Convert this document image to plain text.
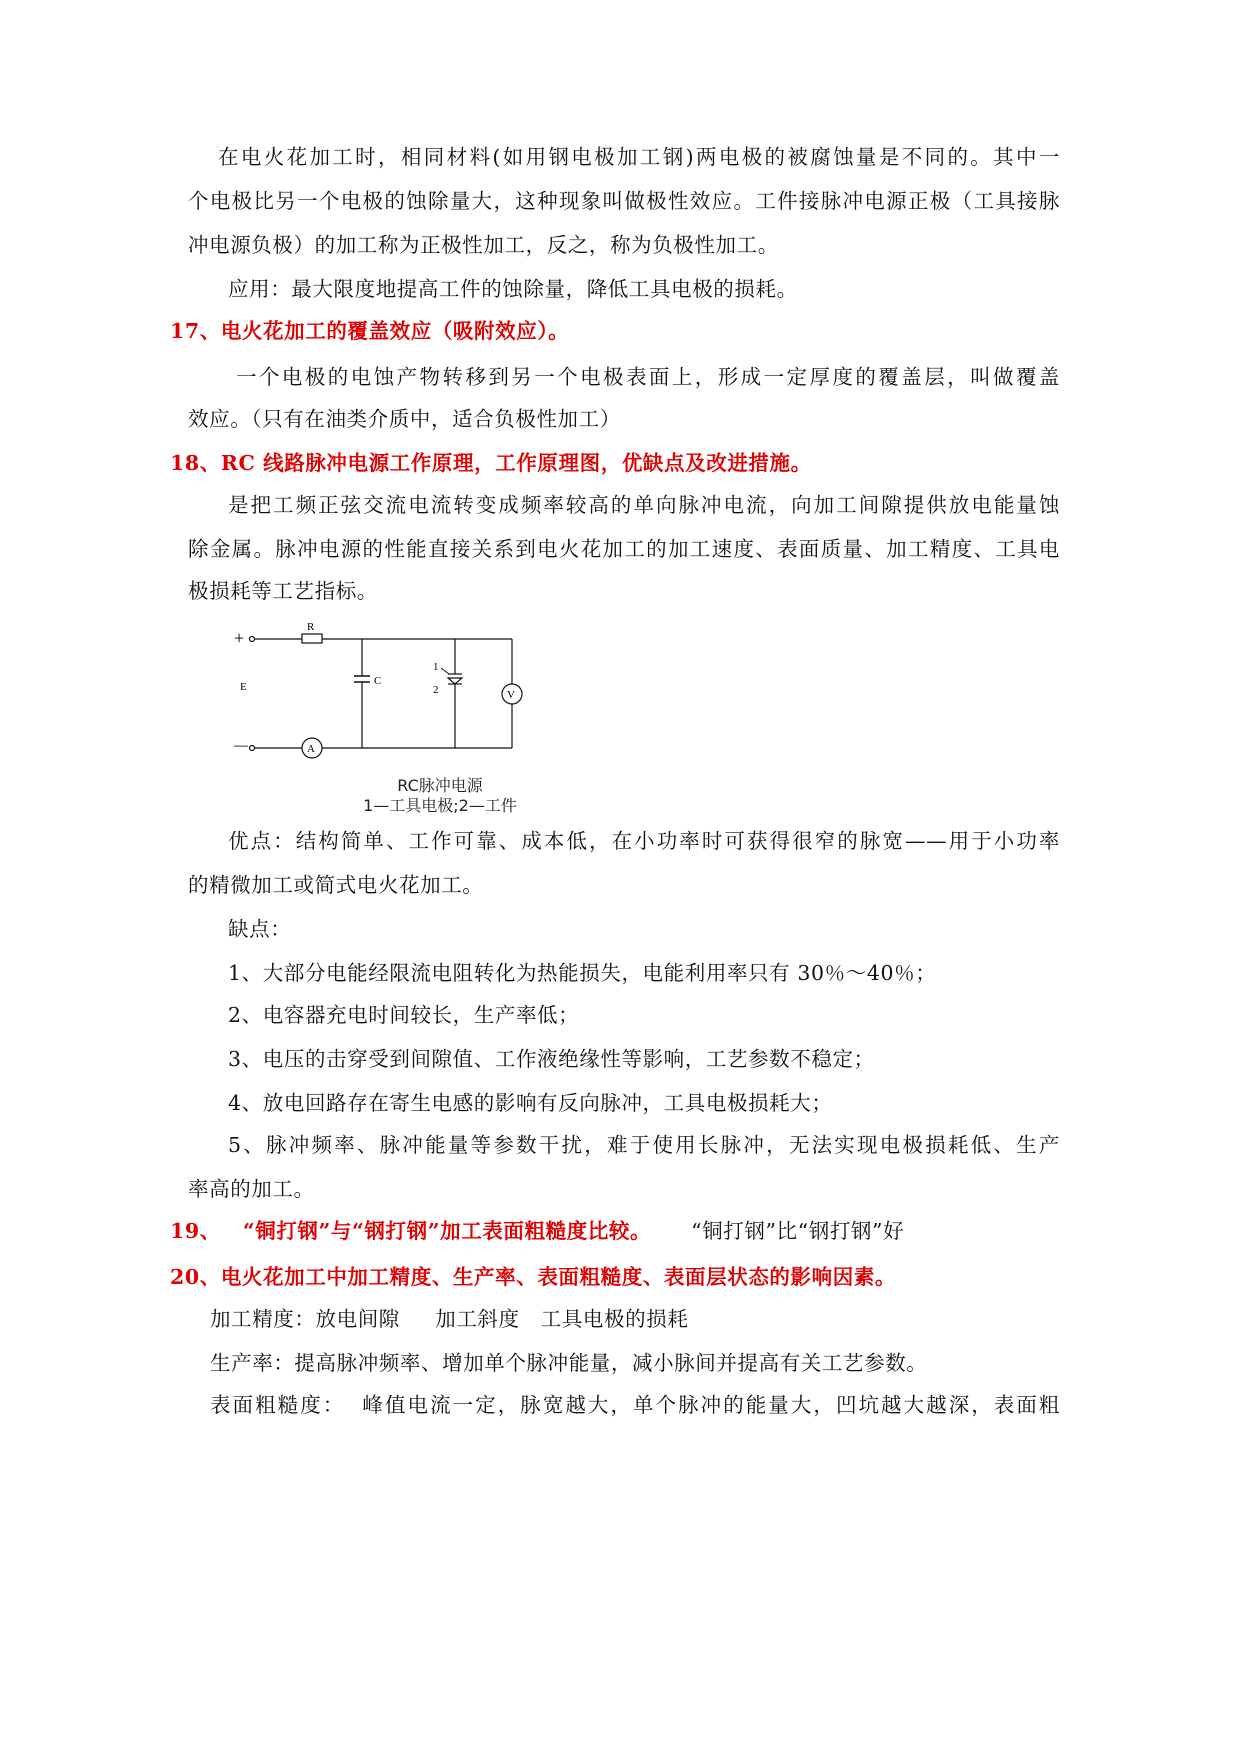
在电火花加工时，相同材料(如用钢电极加工钢)两电极的被腐蚀量是不同的。其中一
个电极比另一个电极的蚀除量大，这种现象叫做极性效应。工件接脉冲电源正极（工具接脉
冲电源负极）的加工称为正极性加工，反之，称为负极性加工。
应用：最大限度地提高工件的蚀除量，降低工具电极的损耗。
17、电火花加工的覆盖效应（吸附效应）。
一个电极的电蚀产物转移到另一个电极表面上，形成一定厚度的覆盖层，叫做覆盖
效应。（只有在油类介质中，适合负极性加工）
18、RC 线路脉冲电源工作原理，工作原理图，优缺点及改进措施。
是把工频正弦交流电流转变成频率较高的单向脉冲电流，向加工间隙提供放电能量蚀
除金属。脉冲电源的性能直接关系到电火花加工的加工速度、表面质量、加工精度、工具电
极损耗等工艺指标。
+
R
C
1
2	V
E
－	A
RC脉冲电源
1—工具电极;2—工件
优点：结构简单、工作可靠、成本低，在小功率时可获得很窄的脉宽——用于小功率
的精微加工或简式电火花加工。
缺点：
1、大部分电能经限流电阻转化为热能损失，电能利用率只有 30％～40％；
2、电容器充电时间较长，生产率低；
3、电压的击穿受到间隙值、工作液绝缘性等影响，工艺参数不稳定；
4、放电回路存在寄生电感的影响有反向脉冲，工具电极损耗大；
5、脉冲频率、脉冲能量等参数干扰，难于使用长脉冲，无法实现电极损耗低、生产
率高的加工。
19、 “铜打钢”与“钢打钢”加工表面粗糙度比较。 “铜打钢”比“钢打钢”好
20、电火花加工中加工精度、生产率、表面粗糙度、表面层状态的影响因素。
加工精度：放电间隙　  加工斜度　工具电极的损耗
生产率：提高脉冲频率、增加单个脉冲能量，减小脉间并提高有关工艺参数。
表面粗糙度：  峰值电流一定，脉宽越大，单个脉冲的能量大，凹坑越大越深，表面粗
